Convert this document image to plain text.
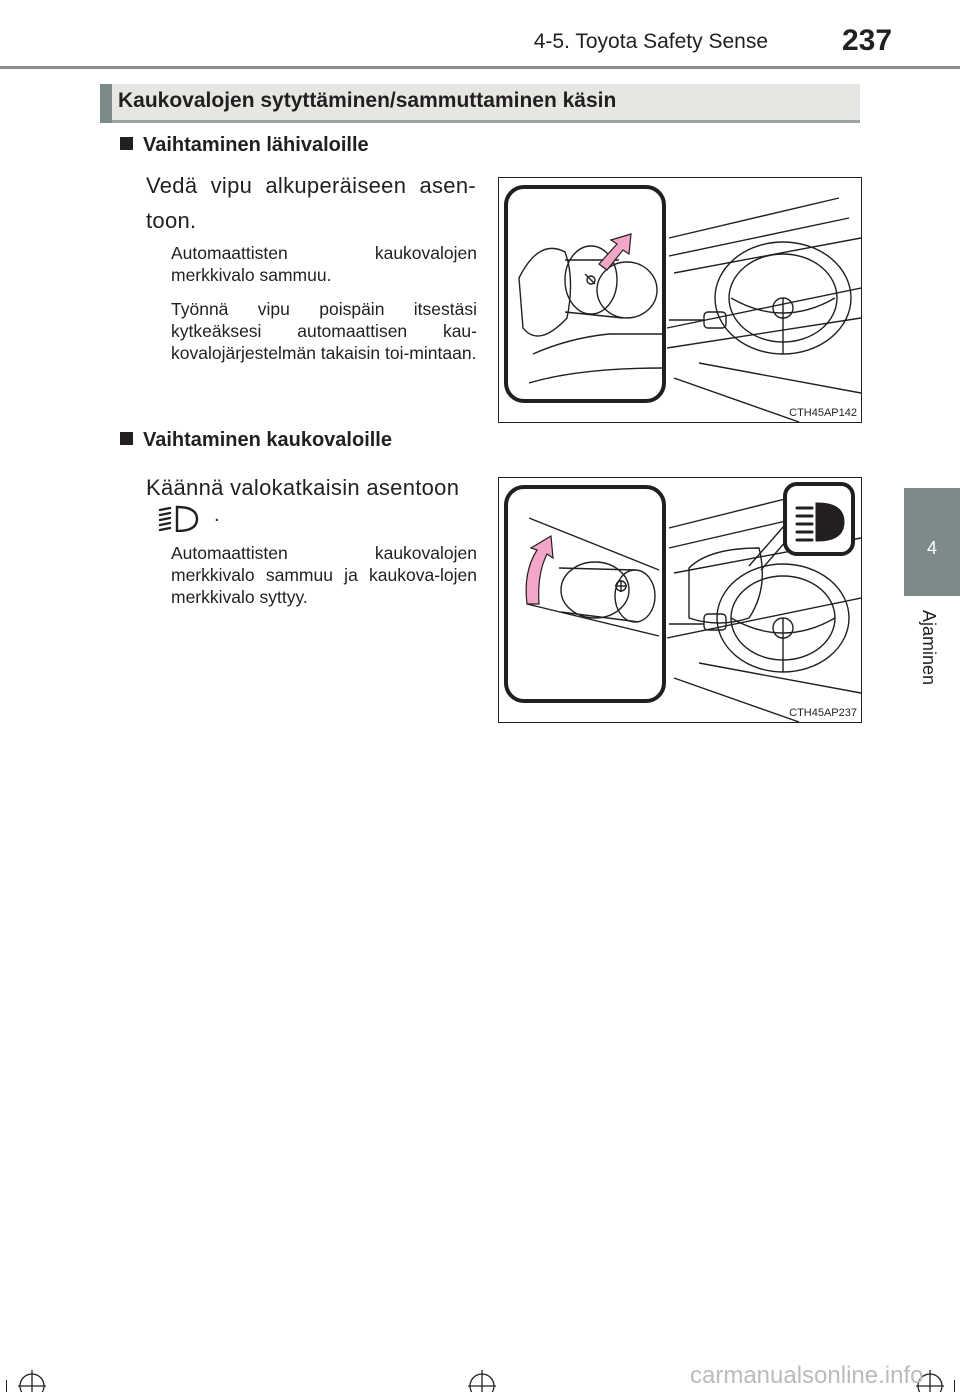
4-5. Toyota Safety Sense 237
4
Ajaminen
Kaukovalojen sytyttäminen/sammuttaminen käsin
Vaihtaminen lähivaloille
Vedä vipu alkuperäiseen asen-toon.
Automaattisten kaukovalojen merkkivalo sammuu.
Työnnä vipu poispäin itsestäsi kytkeäksesi automaattisen kau-kovalojärjestelmän takaisin toi-mintaan.
CTH45AP142
Vaihtaminen kaukovaloille
Käännä valokatkaisin asentoon
.
Automaattisten kaukovalojen merkkivalo sammuu ja kaukova-lojen merkkivalo syttyy.
CTH45AP237
carmanualsonline.info
